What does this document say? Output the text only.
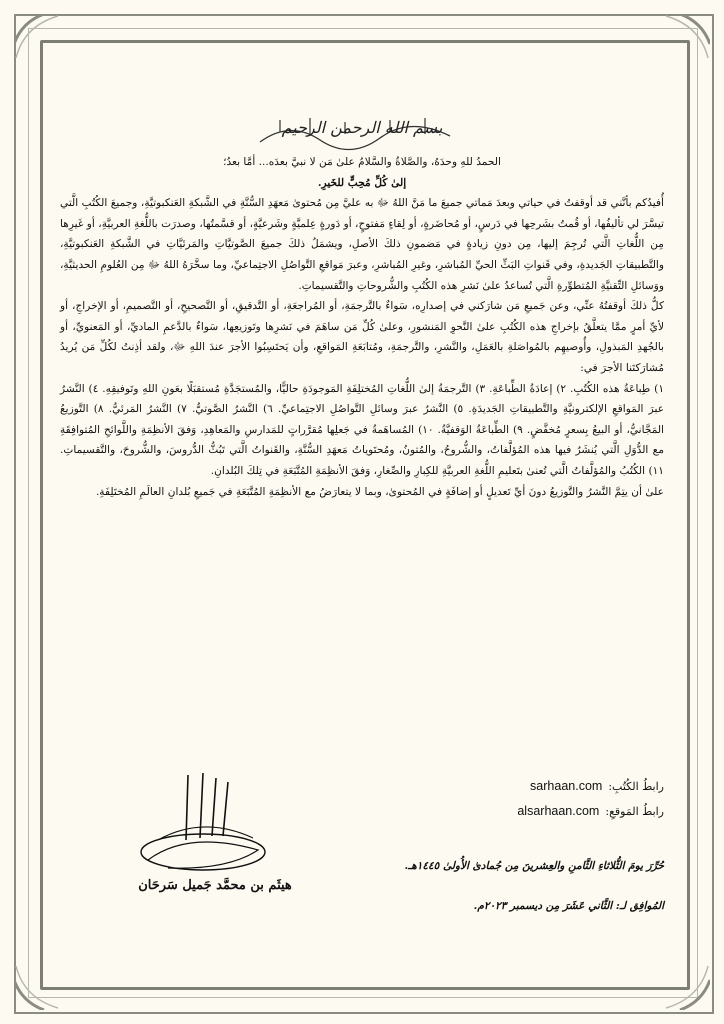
بسم الله الرحمن الرحيم

الحمدُ للهِ وحدَهُ، والصَّلاةُ والسَّلامُ علىٰ مَن لا نبيَّ بعدَه... أمَّا بعدُ؛

إلىٰ كُلِّ مُحِبٍّ للخَيرِ.

أُفيدُكم بأنَّني قد أوقفتُ في حياتي وبعدَ مَماتي جميعَ ما مَنَّ اللهُ ﷻ به عليَّ مِن مُحتوىٰ مَعهَدِ السُّنَّةِ في الشَّبكةِ العَنكبوتيَّةِ، وجميعَ الكُتُبِ الَّتي تيسَّرَ لي تأليفُها، أو قُمتُ بشَرحِها في دَرسٍ، أو مُحاضَرةٍ، أو لِقاءٍ مَفتوحٍ، أو دَورةٍ عِلميَّةٍ وشَرعيَّةٍ، أو قسَّمتُها، وصدرَت باللُّغةِ العربيَّةِ، أو غَيرِها مِن اللُّغاتِ الَّتي تُرجِمَ إليها، مِن دونِ زيادةٍ في مَضمونِ ذلكَ الأصلِ، ويشمَلُ ذلكَ جميعَ الصَّوتيَّاتِ والمَرئيَّاتِ في الشَّبكةِ العَنكبوتيَّةِ، والتَّطبيقاتِ الجَديدةِ، وفي قَنواتِ البَثِّ الحيِّ المُباشرِ، وغيرِ المُباشرِ، وعبرَ مَواقعِ التَّواصُلِ الاجتِماعيِّ، وما سخَّرَهُ اللهُ ﷻ مِن العُلومِ الحديثيَّةِ، ووَسائلِ التِّقنيَّةِ المُتطوِّرةِ الَّتي تُساعدُ علىٰ نَشرِ هذه الكُتُبِ والشُّروحاتِ والتَّقسيماتِ.

كلُّ ذلكَ أوقفتُهُ عنِّي، وعن جَميعِ مَن شارَكني في إصدارِه، سَواءٌ بالتَّرجمَةِ، أو المُراجعَةِ، أو التَّدقيقِ، أو التَّصحيحِ، أو التَّصميمِ، أو الإخراجِ، أو لأيِّ أمرٍ ممَّا يتعلَّقُ بإخراجِ هذه الكُتُبِ علىٰ النَّحوِ المَنشورِ، وعلىٰ كُلِّ مَن ساهَمَ في نَشرِها وتَوزيعِها، سَواءٌ بالدَّعمِ الماديِّ، أو المَعنويِّ، أو بالجُهدِ المَبذولِ، وأُوصيهِم بالمُواصَلةِ بالعَمَلِ، والنَّشرِ، والتَّرجمَةِ، ومُتابَعَةِ المَواقعِ، وأن يَحتَسِبُوا الأجرَ عندَ اللهِ ﷻ، ولقد أذِنتُ لكُلِّ مَن يُريدُ مُشارَكتَنا الأجرَ في:

١) طِباعَةُ هذه الكُتُبِ. ٢) إعادَةُ الطِّباعَةِ. ٣) التَّرجمَةُ إلىٰ اللُّغاتِ المُختلِفَةِ المَوجودَةِ حاليًّا، والمُستجَدَّةِ مُستقبَلًا بعَونِ اللهِ وتَوفيقِهِ. ٤) النَّشرُ عبرَ المَواقعِ الإلكترونيَّةِ والتَّطبيقاتِ الجَديدَةِ. ٥) النَّشرُ عبرَ وسائلِ التَّواصُلِ الاجتِماعيِّ. ٦) النَّشرُ الصَّوتيُّ. ٧) النَّشرُ المَرئيُّ. ٨) التَّوزيعُ المَجَّانيُّ، أو البيعُ بِسعرٍ مُخفَّضٍ. ٩) الطِّباعَةُ الوَقفيَّةُ. ١٠) المُساهَمةُ في جَعلِها مُقرَّراتٍ للمَدارسِ والمَعاهِدِ، وَفقَ الأنظِمَةِ واللَّوائحِ المُتوافِقَةِ مع الدُّوَلِ الَّتي يُنشَرُ فيها هذه المُؤلَّفاتُ، والشُّروحُ، والمُتونُ، ومُحتَوياتُ مَعهَدِ السُّنَّةِ، والقَنواتُ الَّتي تَبُثُّ الدُّروسَ، والشُّروحَ، والتَّقسيماتِ. ١١) الكُتُبُ والمُؤلَّفاتُ الَّتي تُعنىٰ بتَعليمِ اللُّغةِ العربيَّةِ للكِبارِ والصِّغارِ، وَفقَ الأنظِمَةِ المُتَّبَعَةِ في تِلكَ البُلدانِ.

علىٰ أن يتِمَّ النَّشرُ والتَّوزيعُ دونَ أيِّ تَعديلٍ أو إضافَةٍ في المُحتوىٰ، وبما لا يتعارَضُ مع الأنظِمَةِ المُتَّبَعَةِ في جَميعِ بُلدانِ العالَمِ المُختَلِفَةِ.

رابطُ الكُتُبِ:
sarhaan.com
رابطُ المَوقعِ:
alsarhaan.com
هيثَم بن محمَّد جَميل سَرحَان
حُرِّرَ يومَ الثُّلاثاءِ الثَّامنِ والعِشرينَ مِن جُمادىٰ الأُولىٰ ١٤٤٥هـ.
المُوافِق لـ: الثَّاني عَشَرَ مِن ديسمبر ٢٠٢٣م.
